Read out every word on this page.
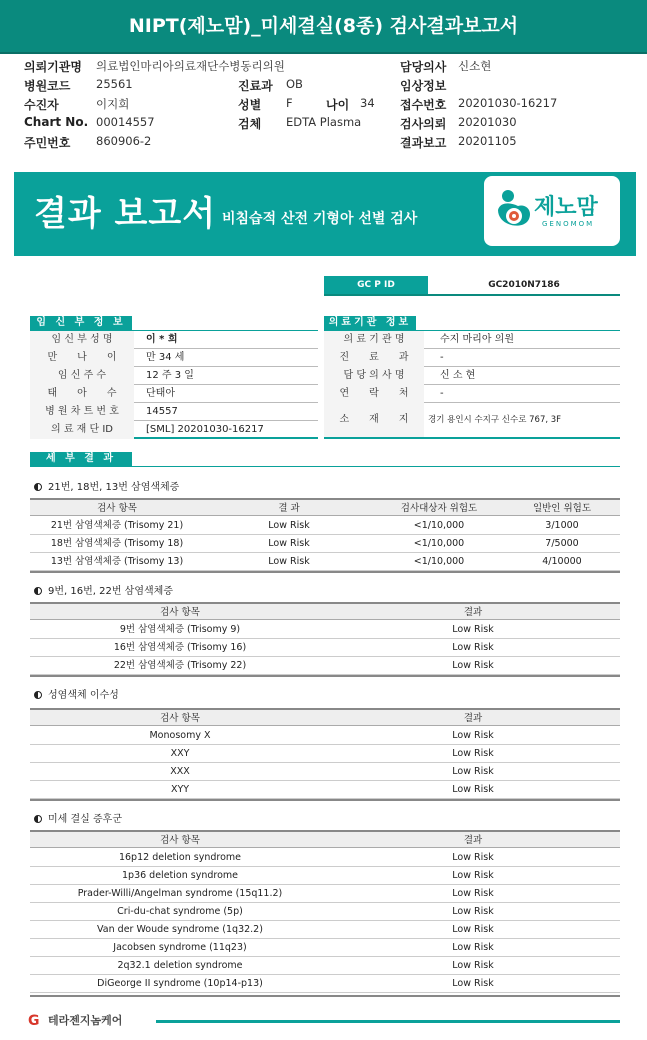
NIPT(제노맘)_미세결실(8종) 검사결과보고서
의뢰기관명 의료법인마리아의료재단수병동리의원	담당의사 신소현
병원코드 25561	진료과 OB	임상정보
수진자	이지희	성별 F	나이 34 접수번호 20201030-16217
Chart No. 00014557	검체 EDTA Plasma	검사의뢰 20201030
주민번호 860906-2	결과보고 20201105
결과 보고서 비침습적 산전 기형아 선별 검사	제노맘
GENOMOM
GC P ID	GC2010N7186
임 신 부 정 보
임 신 부 성 명	이 * 희
만　　나　　이	만 34 세
임 신 주 수	12 주 3 일
태　　아　　수	단태아
병 원 차 트 번 호	14557
의 료 재 단 ID	[SML] 20201030-16217
의료기관 정보
의 료 기 관 명	수지 마리아 의원
진　　료　　과	-
담 당 의 사 명	신 소 현
연　　락　　처	-
소　　재　　지	경기 용인시 수지구 신수로 767, 3F
세 부 결 과
21번, 18번, 13번 삼염색체증
검사 항목	결 과	검사대상자 위험도	일반인 위험도
21번 삼염색체증 (Trisomy 21)	Low Risk	<1/10,000	3/1000
18번 삼염색체증 (Trisomy 18)	Low Risk	<1/10,000	7/5000
13번 삼염색체증 (Trisomy 13)	Low Risk	<1/10,000	4/10000
9번, 16번, 22번 삼염색체증
검사 항목	결과
9번 삼염색체증 (Trisomy 9)	Low Risk
16번 삼염색체증 (Trisomy 16)	Low Risk
22번 삼염색체증 (Trisomy 22)	Low Risk
성염색체 이수성
검사 항목	결과
Monosomy X	Low Risk
XXY	Low Risk
XXX	Low Risk
XYY	Low Risk
미세 결실 증후군
검사 항목	결과
16p12 deletion syndrome	Low Risk
1p36 deletion syndrome	Low Risk
Prader-Willi/Angelman syndrome (15q11.2)	Low Risk
Cri-du-chat syndrome (5p)	Low Risk
Van der Woude syndrome (1q32.2)	Low Risk
Jacobsen syndrome (11q23)	Low Risk
2q32.1 deletion syndrome	Low Risk
DiGeorge II syndrome (10p14-p13)	Low Risk
G 테라젠지놈케어
